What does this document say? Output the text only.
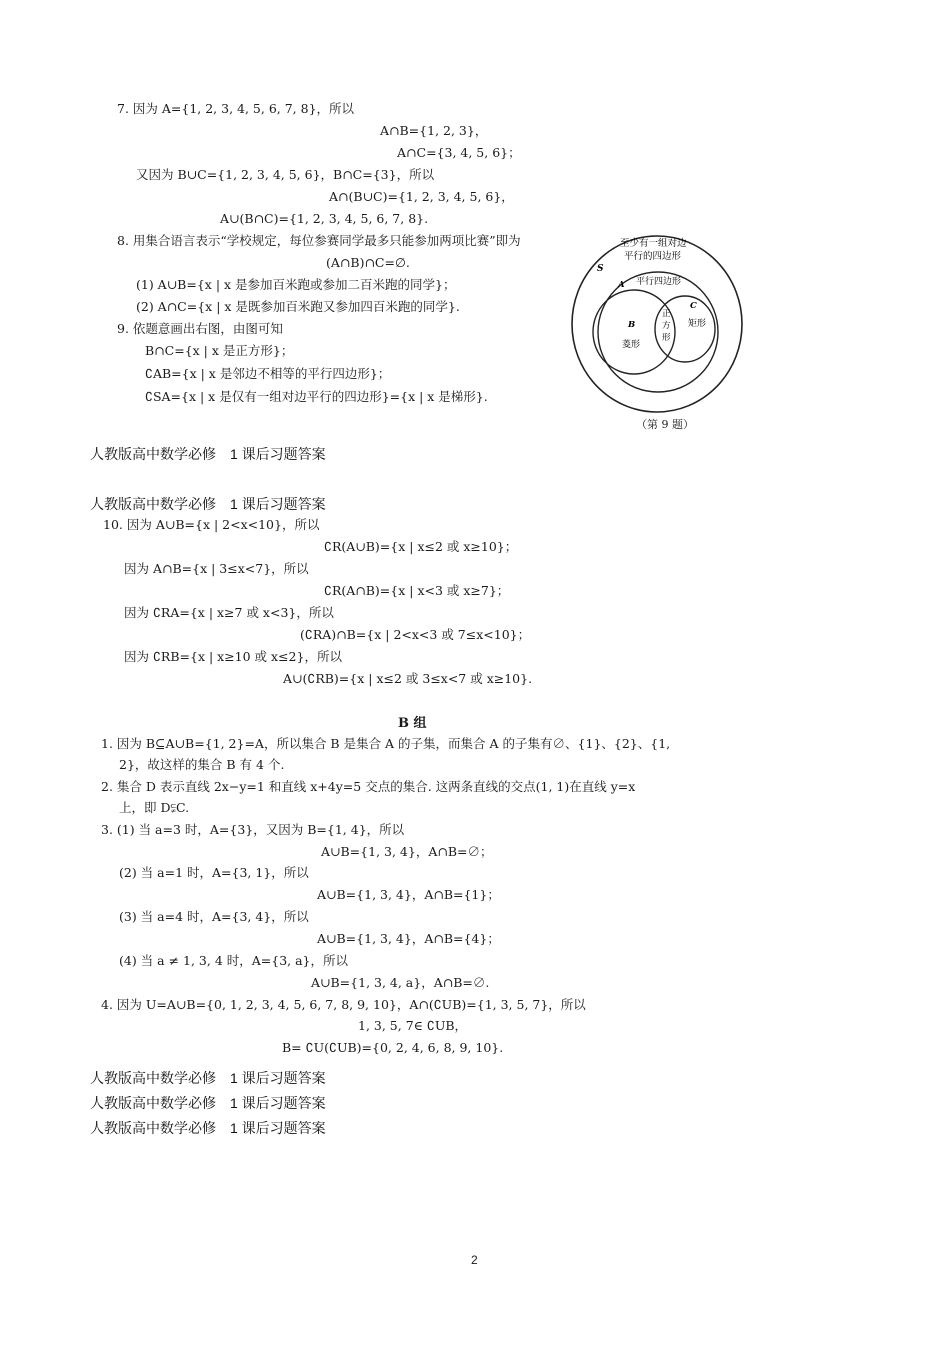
7. 因为 A={1, 2, 3, 4, 5, 6, 7, 8}，所以
A∩B={1, 2, 3}，
A∩C={3, 4, 5, 6}；
又因为 B∪C={1, 2, 3, 4, 5, 6}，B∩C={3}，所以
A∩(B∪C)={1, 2, 3, 4, 5, 6}，
A∪(B∩C)={1, 2, 3, 4, 5, 6, 7, 8}.
8. 用集合语言表示“学校规定，每位参赛同学最多只能参加两项比赛”即为
(A∩B)∩C=∅.
(1) A∪B={x | x 是参加百米跑或参加二百米跑的同学}；
(2) A∩C={x | x 是既参加百米跑又参加四百米跑的同学}.
9. 依题意画出右图，由图可知
B∩C={x | x 是正方形}；
∁AB={x | x 是邻边不相等的平行四边形}；
∁SA={x | x 是仅有一组对边平行的四边形}={x | x 是梯形}.
至少有一组对边
平行的四边形
S
A 平行四边形
B
菱形
C
矩形
正
方
形
（第 9 题）
人教版高中数学必修　1 课后习题答案
人教版高中数学必修　1 课后习题答案
10. 因为 A∪B={x | 2<x<10}，所以
∁R(A∪B)={x | x≤2 或 x≥10}；
因为 A∩B={x | 3≤x<7}，所以
∁R(A∩B)={x | x<3 或 x≥7}；
因为 ∁RA={x | x≥7 或 x<3}，所以
(∁RA)∩B={x | 2<x<3 或 7≤x<10}；
因为 ∁RB={x | x≥10 或 x≤2}，所以
A∪(∁RB)={x | x≤2 或 3≤x<7 或 x≥10}.
B 组
1. 因为 B⊆A∪B={1, 2}=A，所以集合 B 是集合 A 的子集，而集合 A 的子集有∅、{1}、{2}、{1,
2}，故这样的集合 B 有 4 个.
2. 集合 D 表示直线 2x−y=1 和直线 x+4y=5 交点的集合. 这两条直线的交点(1, 1)在直线 y=x
上，即 D⫋C.
3. (1) 当 a=3 时，A={3}，又因为 B={1, 4}，所以
A∪B={1, 3, 4}，A∩B=∅；
(2) 当 a=1 时，A={3, 1}，所以
A∪B={1, 3, 4}，A∩B={1}；
(3) 当 a=4 时，A={3, 4}，所以
A∪B={1, 3, 4}，A∩B={4}；
(4) 当 a ≠ 1, 3, 4 时，A={3, a}，所以
A∪B={1, 3, 4, a}，A∩B=∅.
4. 因为 U=A∪B={0, 1, 2, 3, 4, 5, 6, 7, 8, 9, 10}，A∩(∁UB)={1, 3, 5, 7}，所以
1, 3, 5, 7∈ ∁UB，
B= ∁U(∁UB)={0, 2, 4, 6, 8, 9, 10}.
人教版高中数学必修　1 课后习题答案
人教版高中数学必修　1 课后习题答案
人教版高中数学必修　1 课后习题答案
2
